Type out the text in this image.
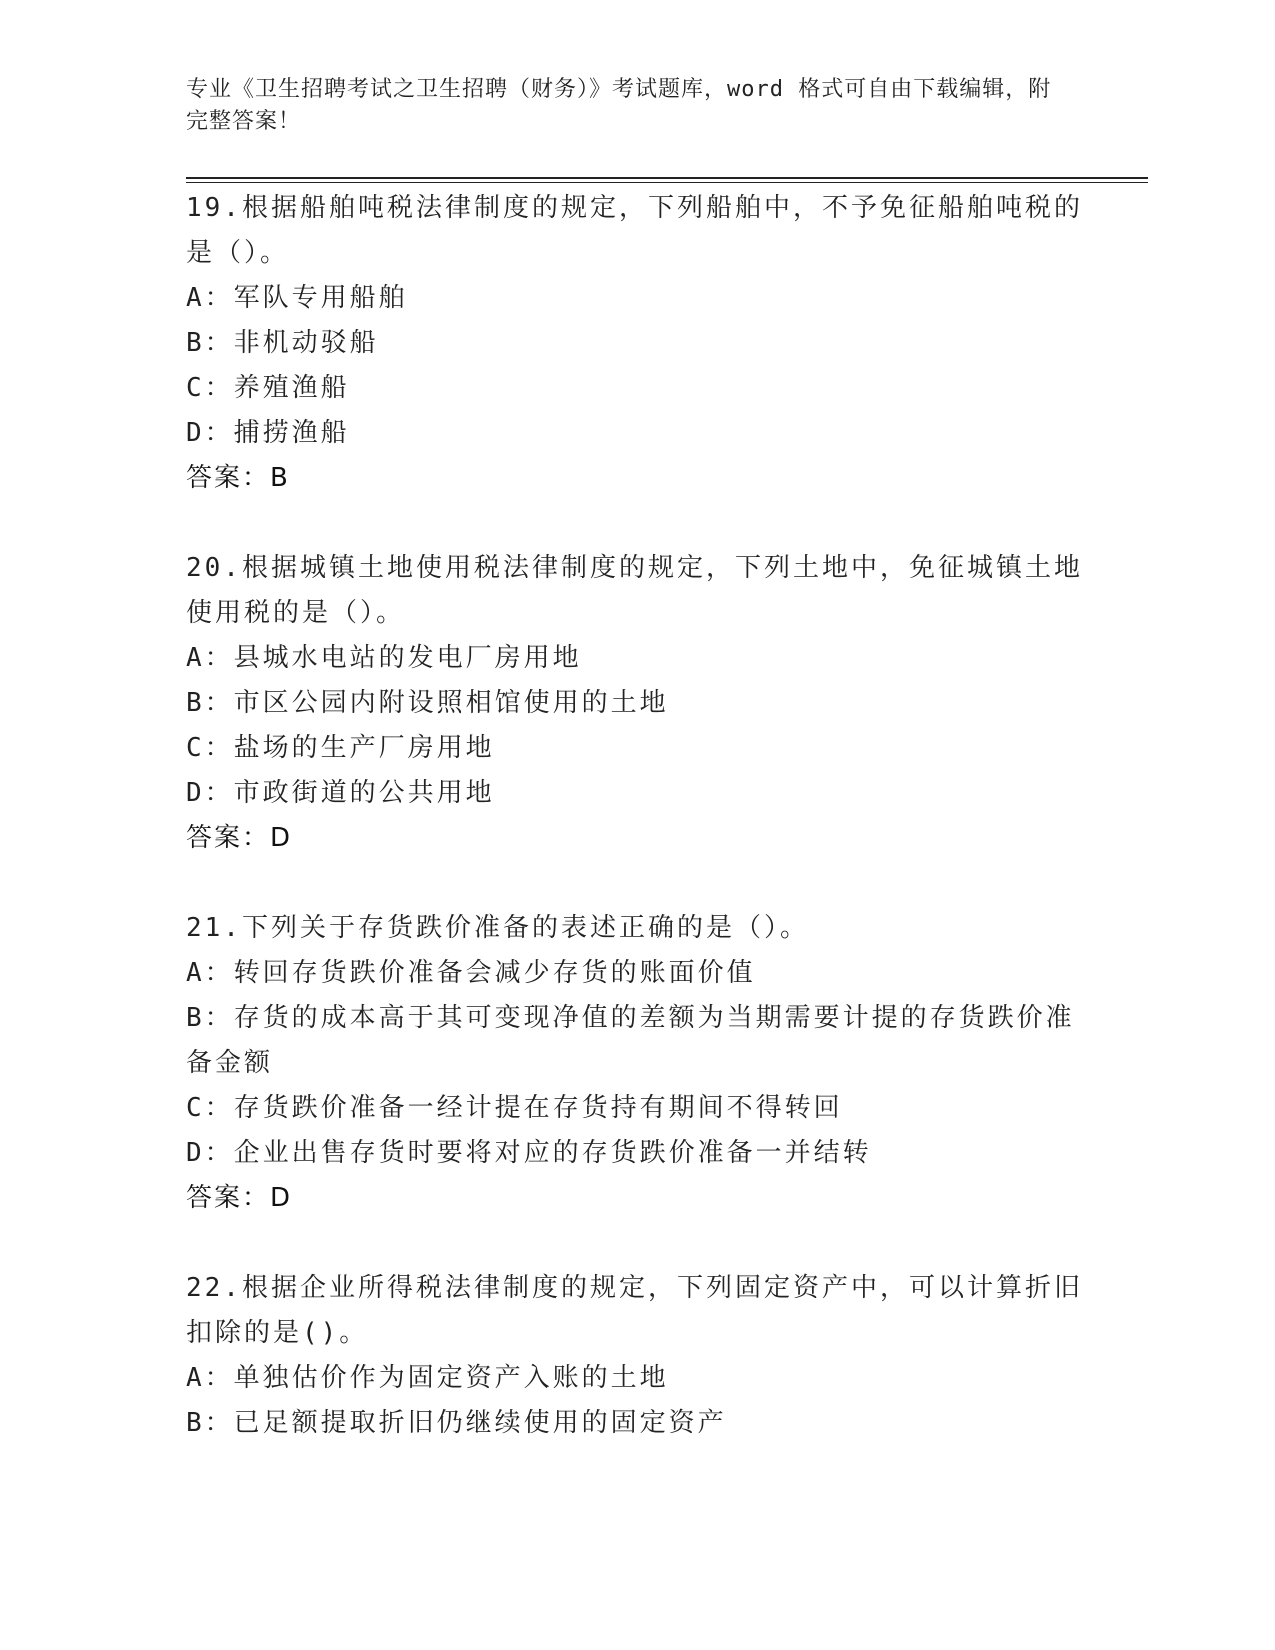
专业《卫生招聘考试之卫生招聘（财务）》考试题库，word 格式可自由下载编辑，附完整答案！
19.根据船舶吨税法律制度的规定，下列船舶中，不予免征船舶吨税的是（）。
A：军队专用船舶
B：非机动驳船
C：养殖渔船
D：捕捞渔船
答案：B
20.根据城镇土地使用税法律制度的规定，下列土地中，免征城镇土地使用税的是（）。
A：县城水电站的发电厂房用地
B：市区公园内附设照相馆使用的土地
C：盐场的生产厂房用地
D：市政街道的公共用地
答案：D
21.下列关于存货跌价准备的表述正确的是（）。
A：转回存货跌价准备会减少存货的账面价值
B：存货的成本高于其可变现净值的差额为当期需要计提的存货跌价准备金额
C：存货跌价准备一经计提在存货持有期间不得转回
D：企业出售存货时要将对应的存货跌价准备一并结转
答案：D
22.根据企业所得税法律制度的规定，下列固定资产中，可以计算折旧扣除的是()。
A：单独估价作为固定资产入账的土地
B：已足额提取折旧仍继续使用的固定资产
